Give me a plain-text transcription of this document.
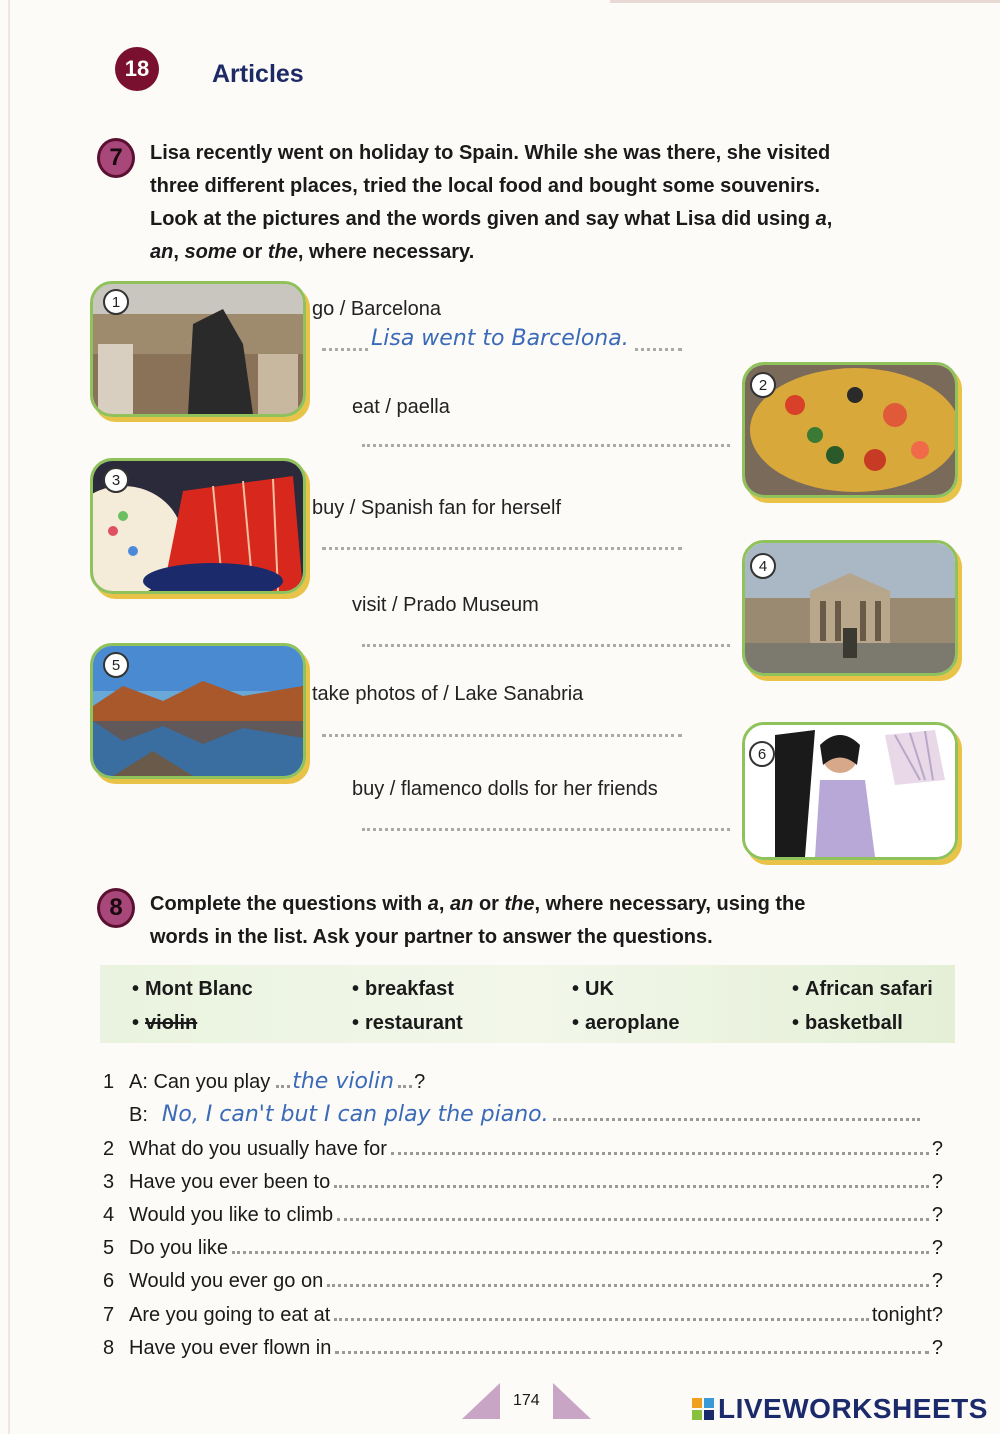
18	Articles
7	Lisa recently went on holiday to Spain. While she was there, she visited
three different places, tried the local food and bought some souvenirs.
Look at the pictures and the words given and say what Lisa did using a,
an, some or the, where necessary.
1	go / Barcelona
Lisa went to Barcelona.
eat / paella
2
3
buy / Spanish fan for herself
visit / Prado Museum
4
5
take photos of / Lake Sanabria
buy / flamenco dolls for her friends
6
8	Complete the questions with a, an or the, where necessary, using the
words in the list. Ask your partner to answer the questions.
• Mont Blanc	• breakfast	• UK	• African safari
• violin	• restaurant	• aeroplane	• basketball
1 A: Can you play the violin ?
B: No, I can't but I can play the piano.
2 What do you usually have for	?
3 Have you ever been to	?
4 Would you like to climb	?
5 Do you like	?
6 Would you ever go on	?
7 Are you going to eat at	tonight?
8 Have you ever flown in	?
174	LIVEWORKSHEETS
